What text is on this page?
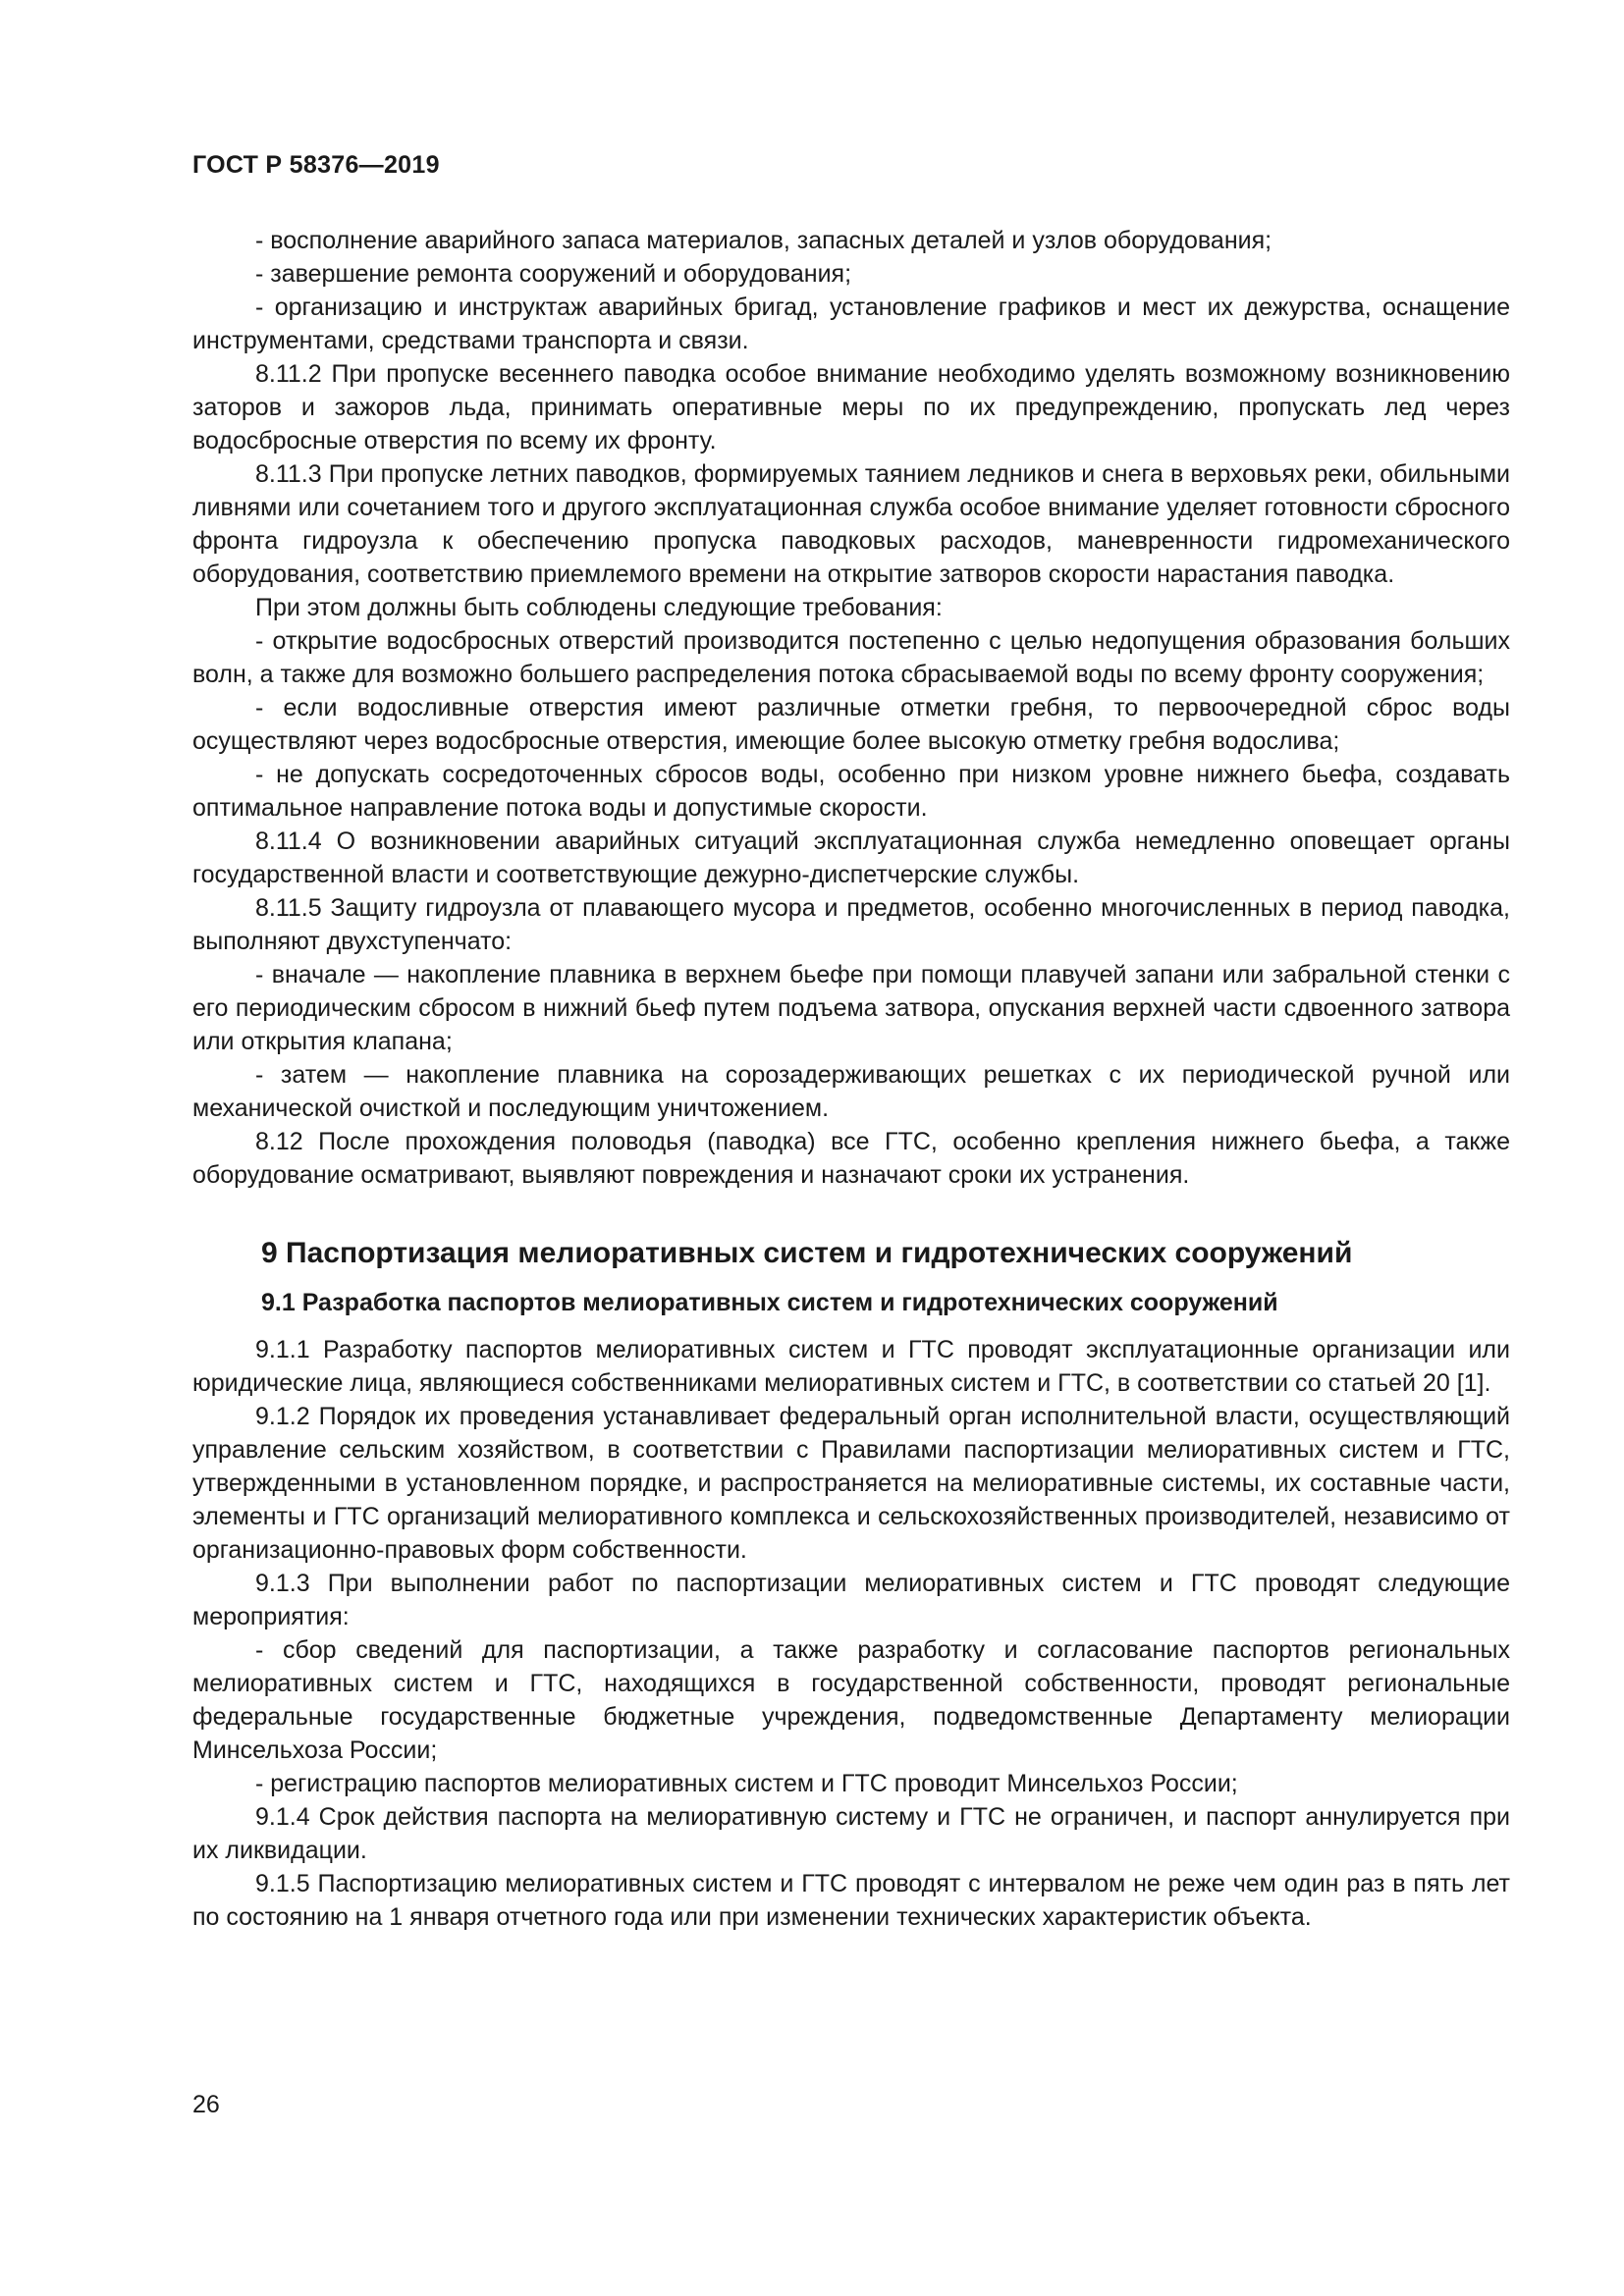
ГОСТ Р 58376—2019

- восполнение аварийного запаса материалов, запасных деталей и узлов оборудования;

- завершение ремонта сооружений и оборудования;

- организацию и инструктаж аварийных бригад, установление графиков и мест их дежурства, оснащение инструментами, средствами транспорта и связи.

8.11.2 При пропуске весеннего паводка особое внимание необходимо уделять возможному возникновению заторов и зажоров льда, принимать оперативные меры по их предупреждению, пропускать лед через водосбросные отверстия по всему их фронту.

8.11.3 При пропуске летних паводков, формируемых таянием ледников и снега в верховьях реки, обильными ливнями или сочетанием того и другого эксплуатационная служба особое внимание уделяет готовности сбросного фронта гидроузла к обеспечению пропуска паводковых расходов, маневренности гидромеханического оборудования, соответствию приемлемого времени на открытие затворов скорости нарастания паводка.

При этом должны быть соблюдены следующие требования:

- открытие водосбросных отверстий производится постепенно с целью недопущения образования больших волн, а также для возможно большего распределения потока сбрасываемой воды по всему фронту сооружения;

- если водосливные отверстия имеют различные отметки гребня, то первоочередной сброс воды осуществляют через водосбросные отверстия, имеющие более высокую отметку гребня водослива;

- не допускать сосредоточенных сбросов воды, особенно при низком уровне нижнего бьефа, создавать оптимальное направление потока воды и допустимые скорости.

8.11.4 О возникновении аварийных ситуаций эксплуатационная служба немедленно оповещает органы государственной власти и соответствующие дежурно-диспетчерские службы.

8.11.5 Защиту гидроузла от плавающего мусора и предметов, особенно многочисленных в период паводка, выполняют двухступенчато:

- вначале — накопление плавника в верхнем бьефе при помощи плавучей запани или забральной стенки с его периодическим сбросом в нижний бьеф путем подъема затвора, опускания верхней части сдвоенного затвора или открытия клапана;

- затем — накопление плавника на сорозадерживающих решетках с их периодической ручной или механической очисткой и последующим уничтожением.

8.12 После прохождения половодья (паводка) все ГТС, особенно крепления нижнего бьефа, а также оборудование осматривают, выявляют повреждения и назначают сроки их устранения.

9 Паспортизация мелиоративных систем и гидротехнических сооружений
9.1 Разработка паспортов мелиоративных систем и гидротехнических сооружений

9.1.1 Разработку паспортов мелиоративных систем и ГТС проводят эксплуатационные организации или юридические лица, являющиеся собственниками мелиоративных систем и ГТС, в соответствии со статьей 20 [1].

9.1.2 Порядок их проведения устанавливает федеральный орган исполнительной власти, осуществляющий управление сельским хозяйством, в соответствии с Правилами паспортизации мелиоративных систем и ГТС, утвержденными в установленном порядке, и распространяется на мелиоративные системы, их составные части, элементы и ГТС организаций мелиоративного комплекса и сельскохозяйственных производителей, независимо от организационно-правовых форм собственности.

9.1.3 При выполнении работ по паспортизации мелиоративных систем и ГТС проводят следующие мероприятия:

- сбор сведений для паспортизации, а также разработку и согласование паспортов региональных мелиоративных систем и ГТС, находящихся в государственной собственности, проводят региональные федеральные государственные бюджетные учреждения, подведомственные Департаменту мелиорации Минсельхоза России;

- регистрацию паспортов мелиоративных систем и ГТС проводит Минсельхоз России;

9.1.4 Срок действия паспорта на мелиоративную систему и ГТС не ограничен, и паспорт аннулируется при их ликвидации.

9.1.5 Паспортизацию мелиоративных систем и ГТС проводят с интервалом не реже чем один раз в пять лет по состоянию на 1 января отчетного года или при изменении технических характеристик объекта.

26
